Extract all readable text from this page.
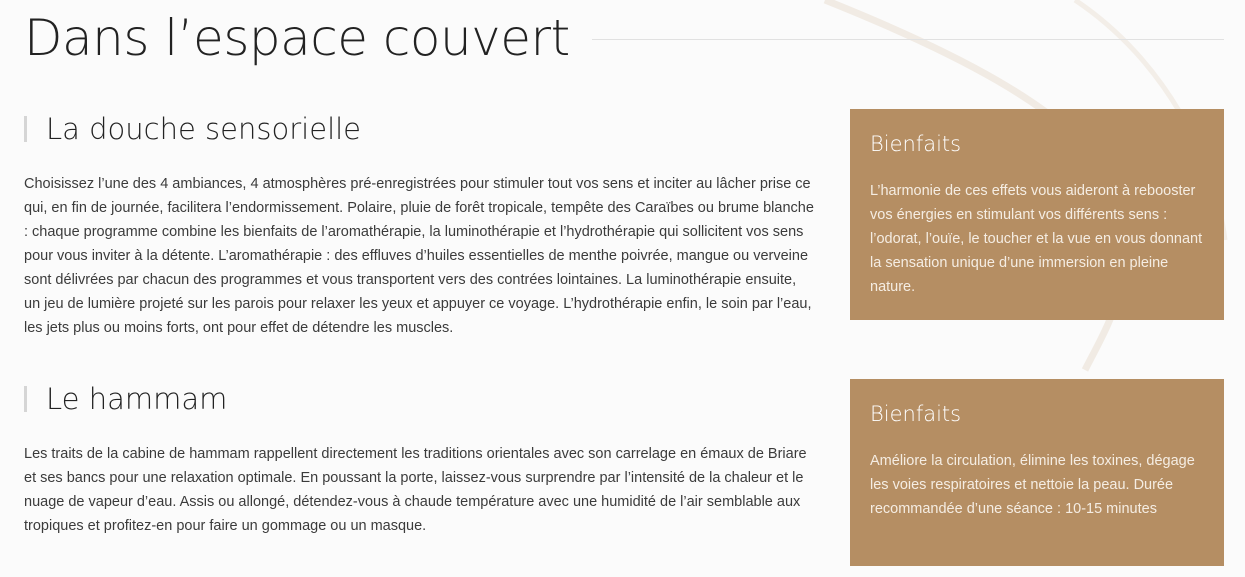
Dans l’espace couvert
La douche sensorielle

Choisissez l’une des 4 ambiances, 4 atmosphères pré-enregistrées pour stimuler tout vos sens et inciter au lâcher prise ce qui, en fin de journée, facilitera l’endormissement. Polaire, pluie de forêt tropicale, tempête des Caraïbes ou brume blanche : chaque programme combine les bienfaits de l’aromathérapie, la luminothérapie et l’hydrothérapie qui sollicitent vos sens pour vous inviter à la détente. L’aromathérapie : des effluves d’huiles essentielles de menthe poivrée, mangue ou verveine sont délivrées par chacun des programmes et vous transportent vers des contrées lointaines. La luminothérapie ensuite, un jeu de lumière projeté sur les parois pour relaxer les yeux et appuyer ce voyage. L’hydrothérapie enfin, le soin par l’eau, les jets plus ou moins forts, ont pour effet de détendre les muscles.

Bienfaits

L’harmonie de ces effets vous aideront à rebooster vos énergies en stimulant vos différents sens : l’odorat, l’ouïe, le toucher et la vue en vous donnant la sensation unique d’une immersion en pleine nature.

Le hammam

Les traits de la cabine de hammam rappellent directement les traditions orientales avec son carrelage en émaux de Briare et ses bancs pour une relaxation optimale. En poussant la porte, laissez-vous surprendre par l’intensité de la chaleur et le nuage de vapeur d’eau. Assis ou allongé, détendez-vous à chaude température avec une humidité de l’air semblable aux tropiques et profitez-en pour faire un gommage ou un masque.

Bienfaits

Améliore la circulation, élimine les toxines, dégage les voies respiratoires et nettoie la peau. Durée recommandée d’une séance : 10-15 minutes
